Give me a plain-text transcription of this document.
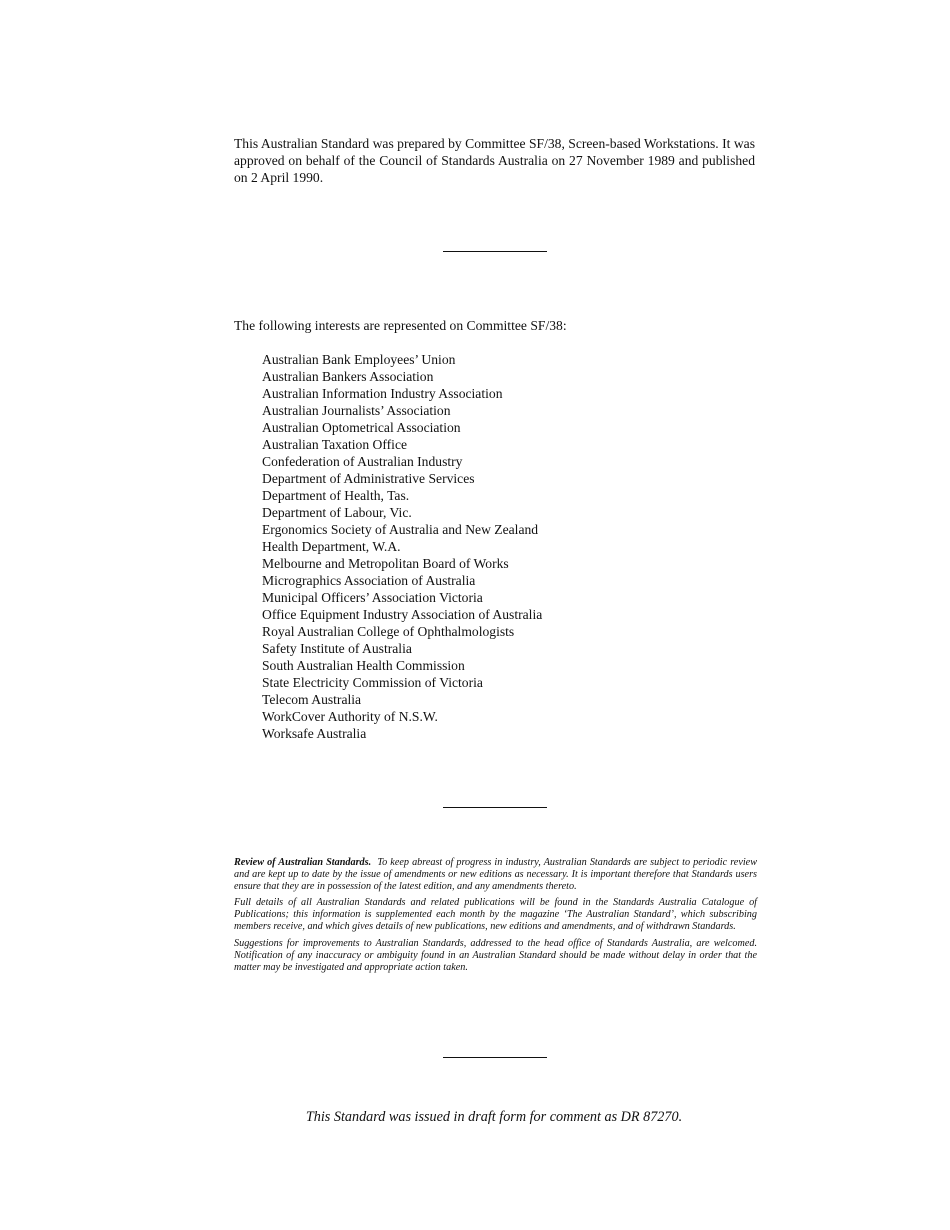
This Australian Standard was prepared by Committee SF/38, Screen-based Workstations. It was approved on behalf of the Council of Standards Australia on 27 November 1989 and published on 2 April 1990.

The following interests are represented on Committee SF/38:

Australian Bank Employees’ Union
Australian Bankers Association
Australian Information Industry Association
Australian Journalists’ Association
Australian Optometrical Association
Australian Taxation Office
Confederation of Australian Industry
Department of Administrative Services
Department of Health, Tas.
Department of Labour, Vic.
Ergonomics Society of Australia and New Zealand
Health Department, W.A.
Melbourne and Metropolitan Board of Works
Micrographics Association of Australia
Municipal Officers’ Association Victoria
Office Equipment Industry Association of Australia
Royal Australian College of Ophthalmologists
Safety Institute of Australia
South Australian Health Commission
State Electricity Commission of Victoria
Telecom Australia
WorkCover Authority of N.S.W.
Worksafe Australia

Review of Australian Standards. To keep abreast of progress in industry, Australian Standards are subject to periodic review and are kept up to date by the issue of amendments or new editions as necessary. It is important therefore that Standards users ensure that they are in possession of the latest edition, and any amendments thereto.

Full details of all Australian Standards and related publications will be found in the Standards Australia Catalogue of Publications; this information is supplemented each month by the magazine ‘The Australian Standard’, which subscribing members receive, and which gives details of new publications, new editions and amendments, and of withdrawn Standards.

Suggestions for improvements to Australian Standards, addressed to the head office of Standards Australia, are welcomed. Notification of any inaccuracy or ambiguity found in an Australian Standard should be made without delay in order that the matter may be investigated and appropriate action taken.

This Standard was issued in draft form for comment as DR 87270.
